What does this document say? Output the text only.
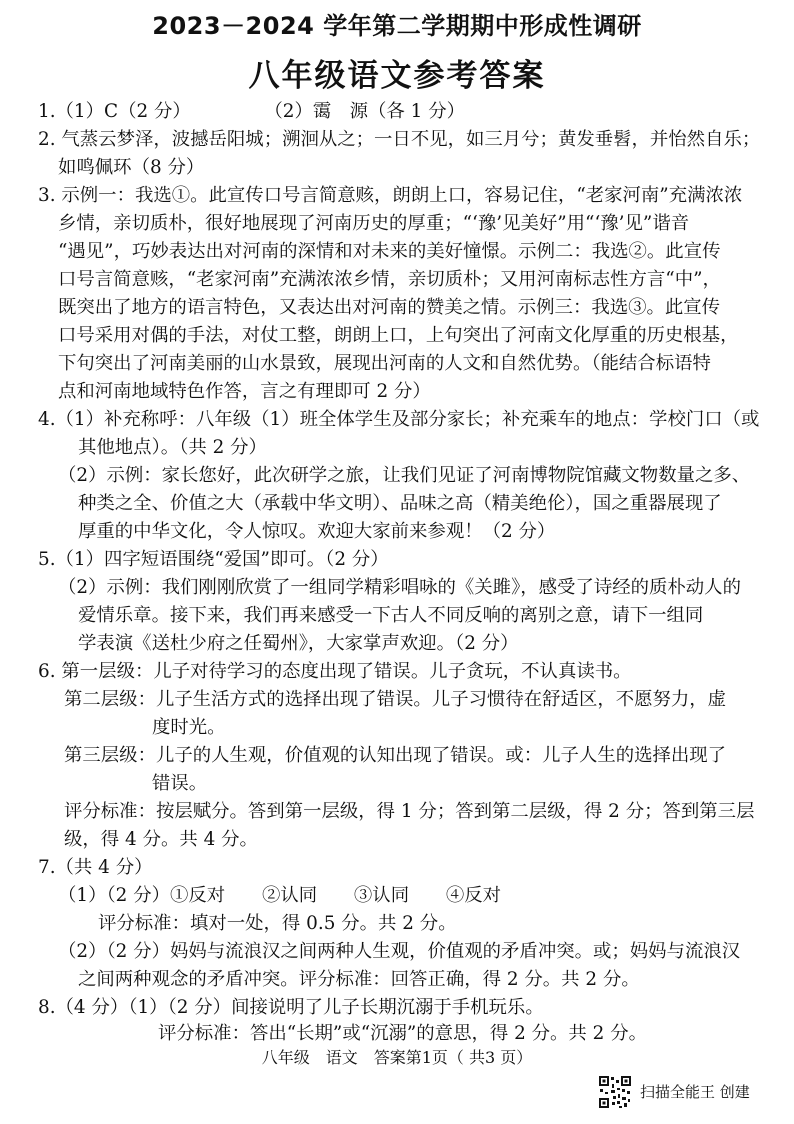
2023－2024 学年第二学期期中形成性调研
八年级语文参考答案
1.（1）C（2 分）　　　　　（2）霭　源（各 1 分）
2. 气蒸云梦泽，波撼岳阳城；溯洄从之；一日不见，如三月兮；黄发垂髫，并怡然自乐；
如鸣佩环（8 分）
3. 示例一：我选①。此宣传口号言简意赅，朗朗上口，容易记住，“老家河南”充满浓浓
乡情，亲切质朴，很好地展现了河南历史的厚重；“‘豫’见美好”用“‘豫’见”谐音
“遇见”，巧妙表达出对河南的深情和对未来的美好憧憬。示例二：我选②。此宣传
口号言简意赅，“老家河南”充满浓浓乡情，亲切质朴；又用河南标志性方言“中”，
既突出了地方的语言特色，又表达出对河南的赞美之情。示例三：我选③。此宣传
口号采用对偶的手法，对仗工整，朗朗上口，上句突出了河南文化厚重的历史根基，
下句突出了河南美丽的山水景致，展现出河南的人文和自然优势。（能结合标语特
点和河南地域特色作答，言之有理即可 2 分）
4.（1）补充称呼：八年级（1）班全体学生及部分家长；补充乘车的地点：学校门口（或
其他地点）。（共 2 分）
（2）示例：家长您好，此次研学之旅，让我们见证了河南博物院馆藏文物数量之多、
种类之全、价值之大（承载中华文明）、品味之高（精美绝伦），国之重器展现了
厚重的中华文化，令人惊叹。欢迎大家前来参观！（2 分）
5.（1）四字短语围绕“爱国”即可。（2 分）
（2）示例：我们刚刚欣赏了一组同学精彩唱咏的《关雎》，感受了诗经的质朴动人的
爱情乐章。接下来，我们再来感受一下古人不同反响的离别之意，请下一组同
学表演《送杜少府之任蜀州》，大家掌声欢迎。（2 分）
6. 第一层级：儿子对待学习的态度出现了错误。儿子贪玩，不认真读书。
第二层级：儿子生活方式的选择出现了错误。儿子习惯待在舒适区，不愿努力，虚
度时光。
第三层级：儿子的人生观，价值观的认知出现了错误。或：儿子人生的选择出现了
错误。
评分标准：按层赋分。答到第一层级，得 1 分；答到第二层级，得 2 分；答到第三层
级，得 4 分。共 4 分。
7.（共 4 分）
（1）（2 分）①反对　　②认同　　③认同　　④反对
评分标准：填对一处，得 0.5 分。共 2 分。
（2）（2 分）妈妈与流浪汉之间两种人生观，价值观的矛盾冲突。或；妈妈与流浪汉
之间两种观念的矛盾冲突。评分标准：回答正确，得 2 分。共 2 分。
8.（4 分）（1）（2 分）间接说明了儿子长期沉溺于手机玩乐。
评分标准：答出“长期”或“沉溺”的意思，得 2 分。共 2 分。
八年级　语文　答案第1页（ 共3 页）
扫描全能王 创建
